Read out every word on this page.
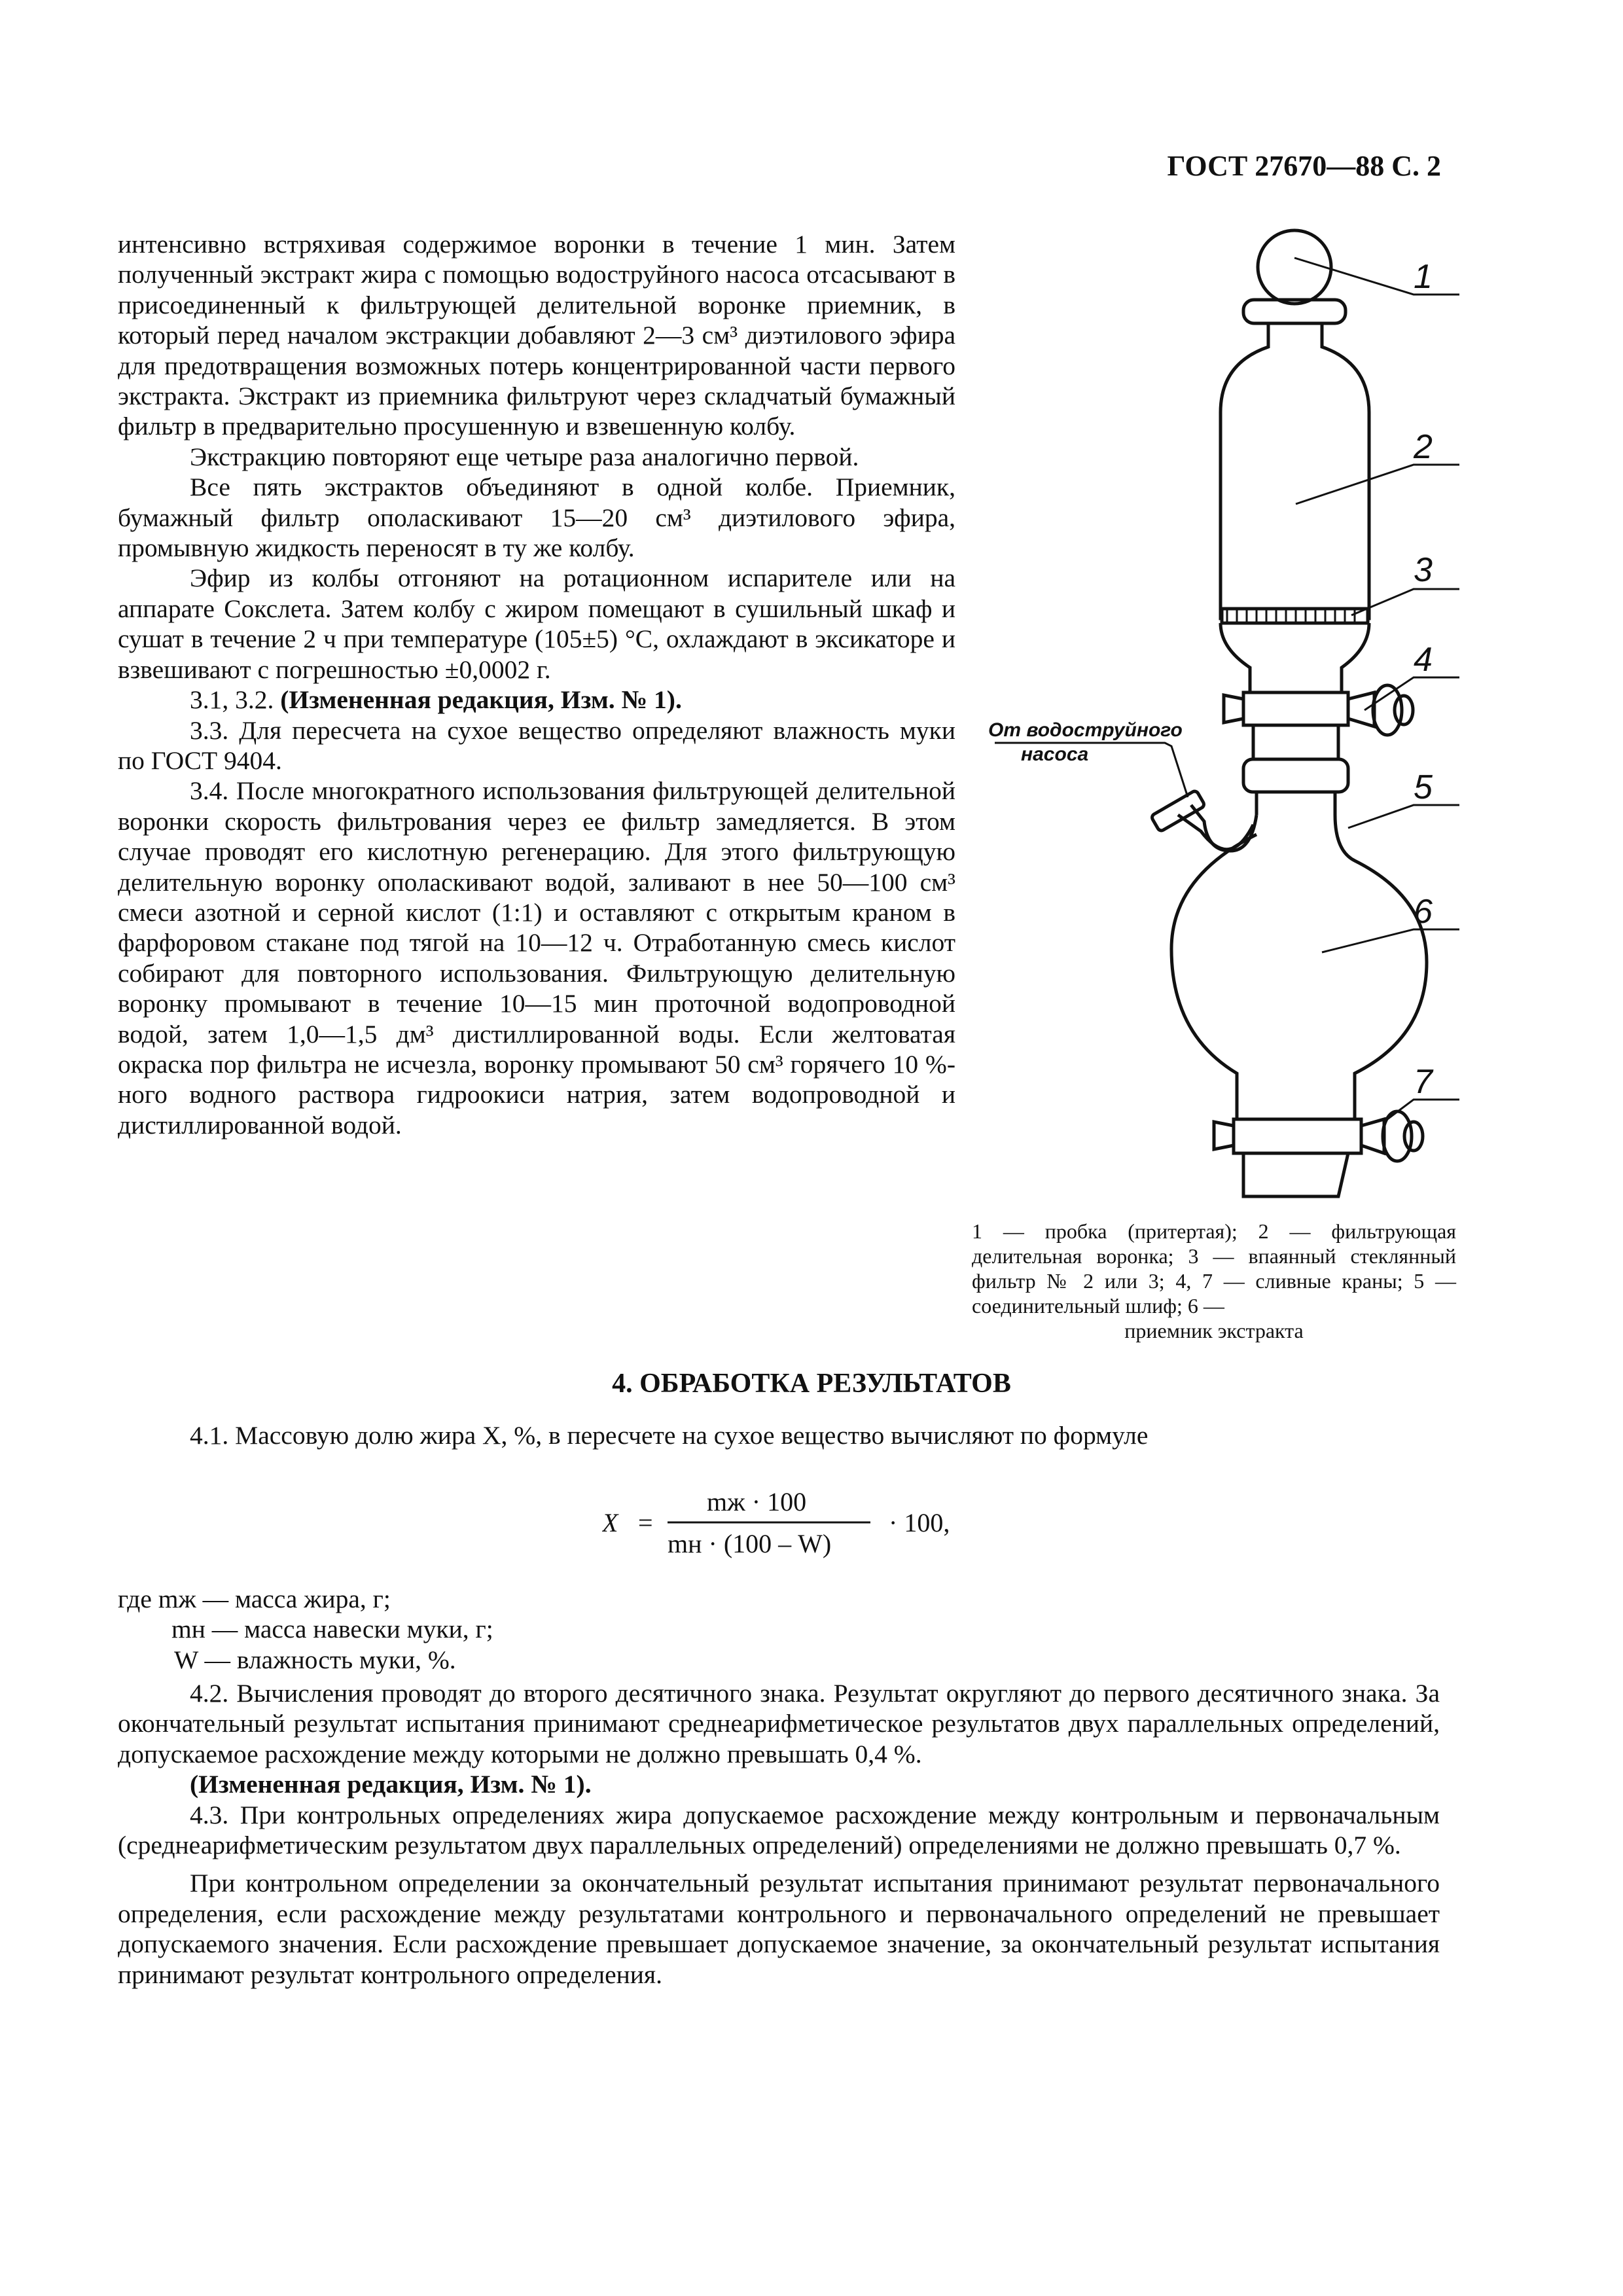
ГОСТ 27670—88 С. 2

интенсивно встряхивая содержимое воронки в течение 1 мин. Затем полученный экстракт жира с помощью водоструйного насоса отсасывают в присоединенный к фильтрующей делительной воронке приемник, в который перед началом экстракции добавляют 2—3 см³ диэтилового эфира для предотвращения возможных потерь концентрированной части первого экстракта. Экстракт из приемника фильтруют через складчатый бумажный фильтр в предварительно просушенную и взвешенную колбу.

Экстракцию повторяют еще четыре раза аналогично первой.

Все пять экстрактов объединяют в одной колбе. Приемник, бумажный фильтр ополаскивают 15—20 см³ диэтилового эфира, промывную жидкость переносят в ту же колбу.

Эфир из колбы отгоняют на ротационном испарителе или на аппарате Сокслета. Затем колбу с жиром помещают в сушильный шкаф и сушат в течение 2 ч при температуре (105±5) °С, охлаждают в эксикаторе и взвешивают с погрешностью ±0,0002 г.

3.1, 3.2. (Измененная редакция, Изм. № 1).

3.3. Для пересчета на сухое вещество определяют влажность муки по ГОСТ 9404.

3.4. После многократного использования фильтрующей делительной воронки скорость фильтрования через ее фильтр замедляется. В этом случае проводят его кислотную регенерацию. Для этого фильтрующую делительную воронку ополаскивают водой, заливают в нее 50—100 см³ смеси азотной и серной кислот (1:1) и оставляют с открытым краном в фарфоровом стакане под тягой на 10—12 ч. Отработанную смесь кислот собирают для повторного использования. Фильтрующую делительную воронку промывают в течение 10—15 мин проточной водопроводной водой, затем 1,0—1,5 дм³ дистиллированной воды. Если желтоватая окраска пор фильтра не исчезла, воронку промывают 50 см³ горячего 10 %-ного водного раствора гидроокиси натрия, затем водопроводной и дистиллированной водой.

1
2
3
4
5
6
7
От водоструйного
насоса
1 — пробка (притертая); 2 — фильтрующая делительная воронка; 3 — впаянный стеклянный фильтр № 2 или 3; 4, 7 — сливные краны; 5 — соединительный шлиф; 6 —
приемник экстракта
4. ОБРАБОТКА РЕЗУЛЬТАТОВ

4.1. Массовую долю жира X, %, в пересчете на сухое вещество вычисляют по формуле

X =
mж · 100
mн · (100 – W)
· 100,

где mж — масса жира, г;

mн — масса навески муки, г;

W — влажность муки, %.

4.2. Вычисления проводят до второго десятичного знака. Результат округляют до первого десятичного знака. За окончательный результат испытания принимают среднеарифметическое результатов двух параллельных определений, допускаемое расхождение между которыми не должно превышать 0,4 %.

(Измененная редакция, Изм. № 1).

4.3. При контрольных определениях жира допускаемое расхождение между контрольным и первоначальным (среднеарифметическим результатом двух параллельных определений) определениями не должно превышать 0,7 %.

При контрольном определении за окончательный результат испытания принимают результат первоначального определения, если расхождение между результатами контрольного и первоначального определений не превышает допускаемого значения. Если расхождение превышает допускаемое значение, за окончательный результат испытания принимают результат контрольного определения.
